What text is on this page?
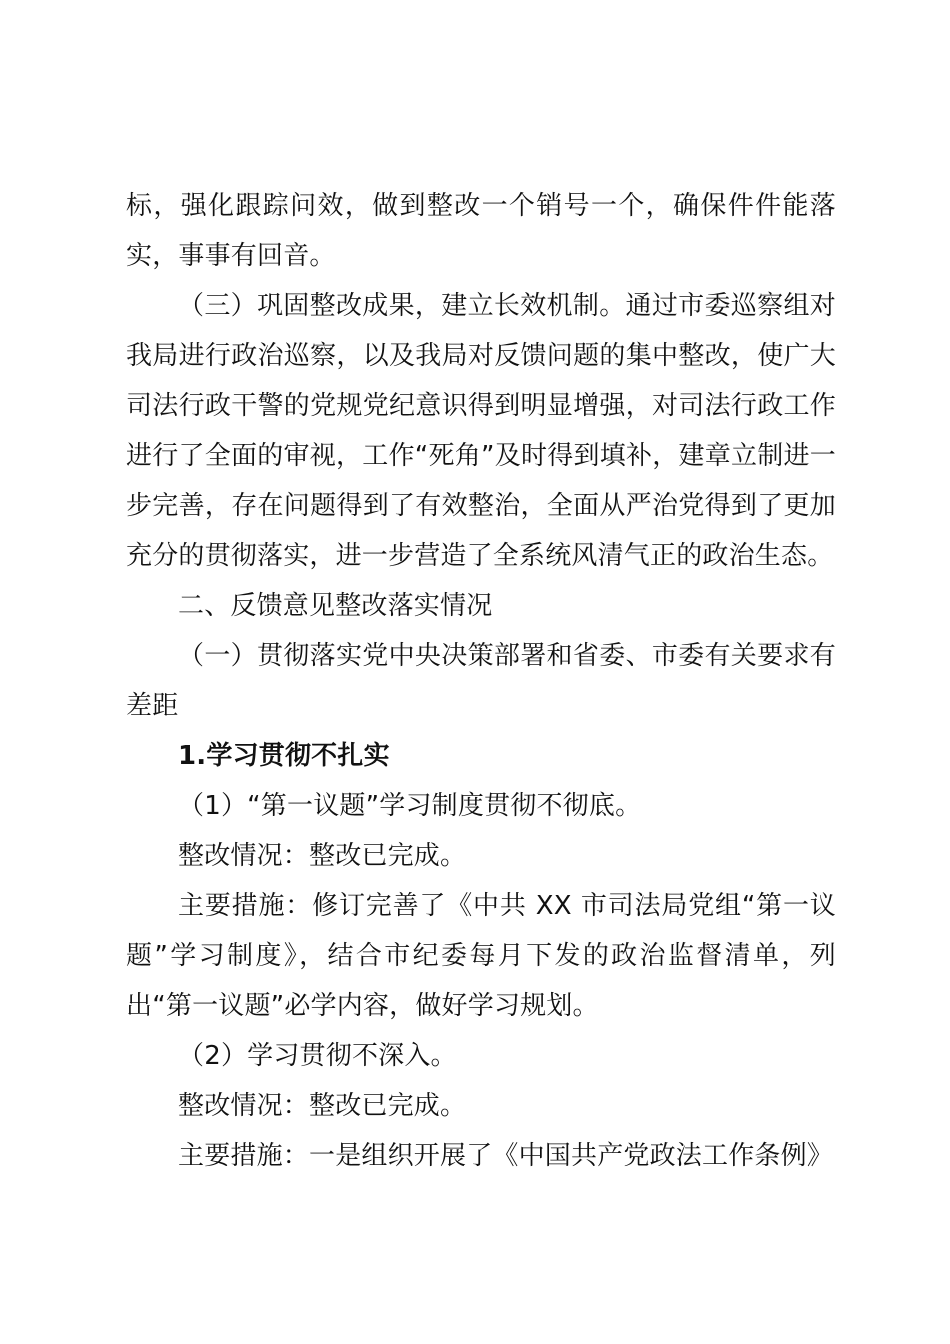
标，强化跟踪问效，做到整改一个销号一个，确保件件能落实，事事有回音。

（三）巩固整改成果，建立长效机制。通过市委巡察组对我局进行政治巡察，以及我局对反馈问题的集中整改，使广大司法行政干警的党规党纪意识得到明显增强，对司法行政工作进行了全面的审视，工作“死角”及时得到填补，建章立制进一步完善，存在问题得到了有效整治，全面从严治党得到了更加充分的贯彻落实，进一步营造了全系统风清气正的政治生态。

二、反馈意见整改落实情况

（一）贯彻落实党中央决策部署和省委、市委有关要求有差距

1.学习贯彻不扎实

（1）“第一议题”学习制度贯彻不彻底。

整改情况：整改已完成。

主要措施：修订完善了《中共 XX 市司法局党组“第一议题”学习制度》，结合市纪委每月下发的政治监督清单，列出“第一议题”必学内容，做好学习规划。

（2）学习贯彻不深入。

整改情况：整改已完成。

主要措施：一是组织开展了《中国共产党政法工作条例》
